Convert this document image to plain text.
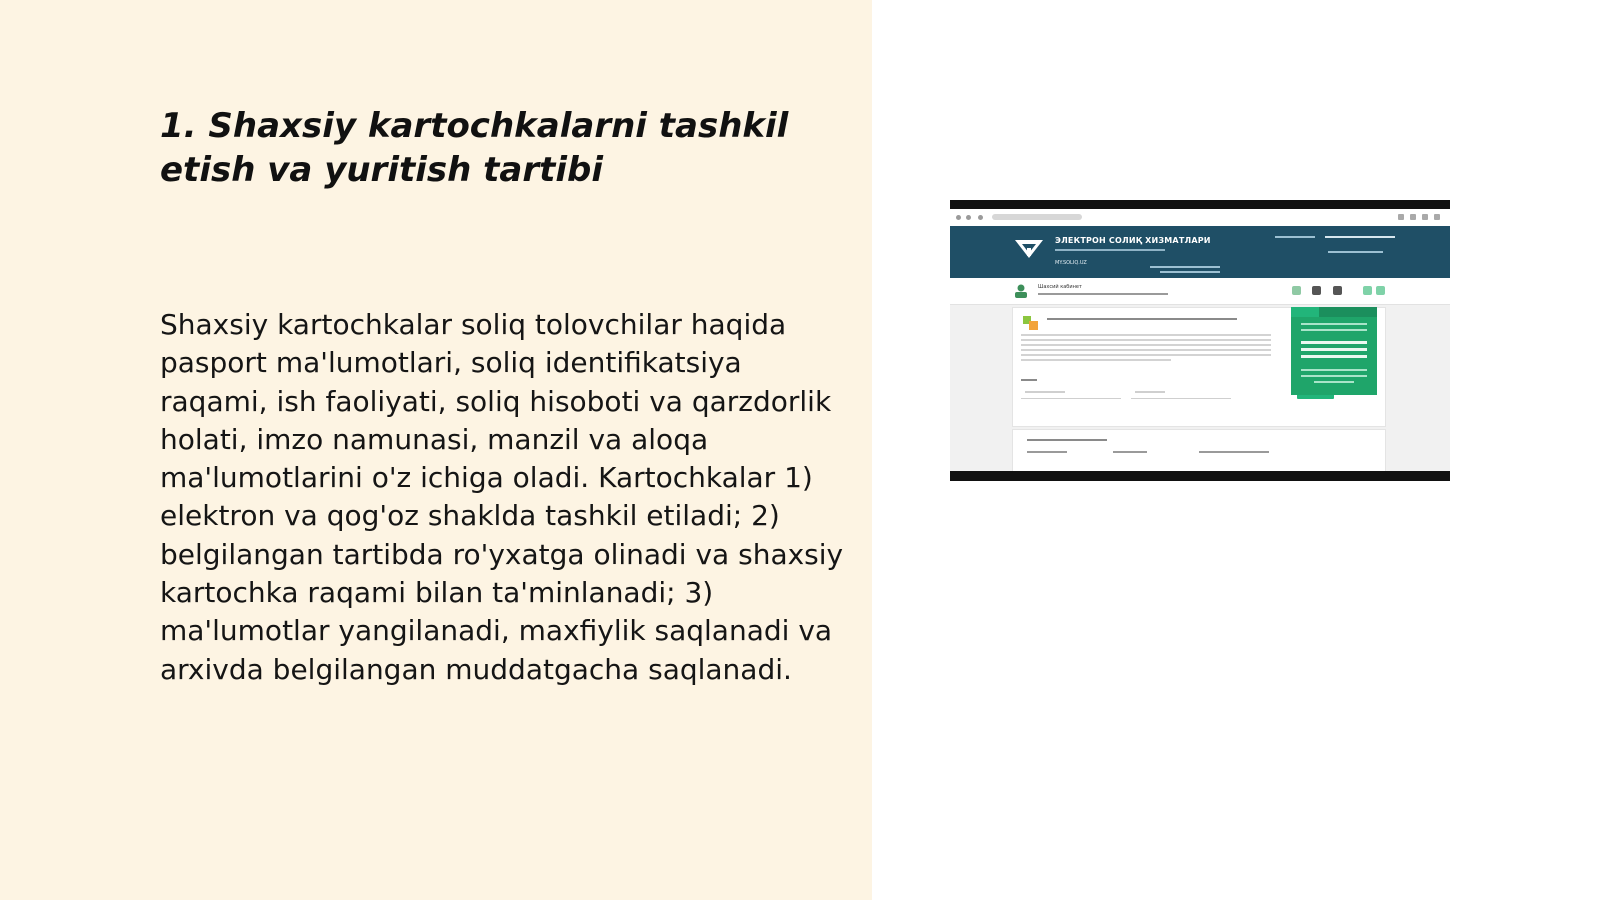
1. Shaxsiy kartochkalarni tashkil etish va yuritish tartibi

Shaxsiy kartochkalar soliq tolovchilar haqida pasport ma'lumotlari, soliq identifikatsiya raqami, ish faoliyati, soliq hisoboti va qarzdorlik holati, imzo namunasi, manzil va aloqa ma'lumotlarini o'z ichiga oladi. Kartochkalar 1) elektron va qog'oz shaklda tashkil etiladi; 2) belgilangan tartibda ro'yxatga olinadi va shaxsiy kartochka raqami bilan ta'minlanadi; 3) ma'lumotlar yangilanadi, maxfiylik saqlanadi va arxivda belgilangan muddatgacha saqlanadi.

ЭЛЕКТРОН СОЛИҚ ХИЗМАТЛАРИ
MY.SOLIQ.UZ
Шахсий кабинет
